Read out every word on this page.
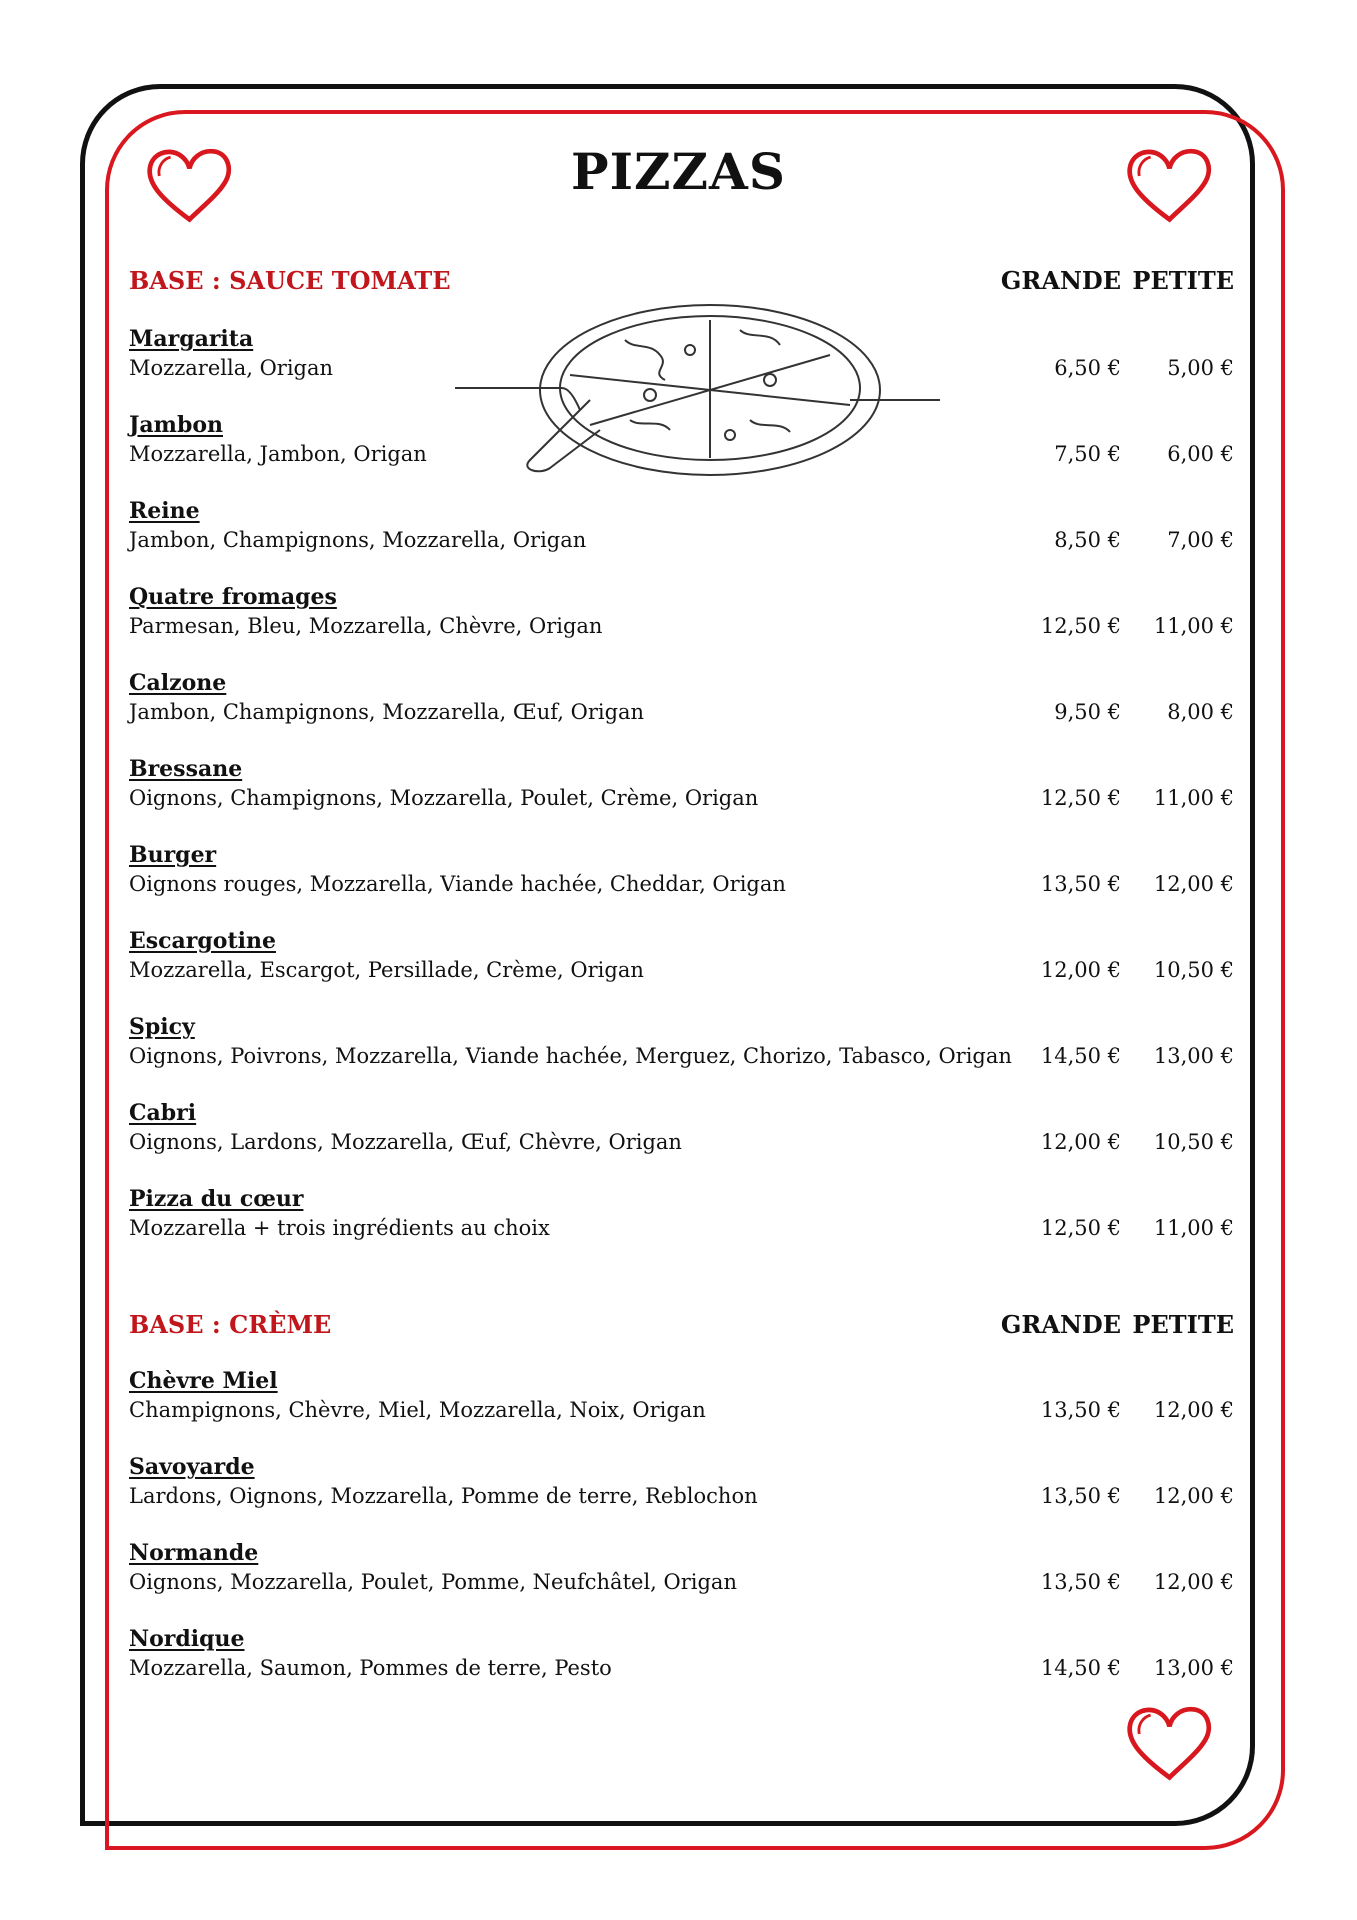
PIZZAS
BASE : SAUCE TOMATE	GRANDE PETITE
Margarita
Mozzarella, Origan	6,50 €	5,00 €
Jambon
Mozzarella, Jambon, Origan	7,50 €	6,00 €
Reine
Jambon, Champignons, Mozzarella, Origan	8,50 €	7,00 €
Quatre fromages
Parmesan, Bleu, Mozzarella, Chèvre, Origan	12,50 €	11,00 €
Calzone
Jambon, Champignons, Mozzarella, Œuf, Origan	9,50 €	8,00 €
Bressane
Oignons, Champignons, Mozzarella, Poulet, Crème, Origan	12,50 €	11,00 €
Burger
Oignons rouges, Mozzarella, Viande hachée, Cheddar, Origan	13,50 €	12,00 €
Escargotine
Mozzarella, Escargot, Persillade, Crème, Origan	12,00 €	10,50 €
Spicy
Oignons, Poivrons, Mozzarella, Viande hachée, Merguez, Chorizo, Tabasco, Origan	14,50 €	13,00 €
Cabri
Oignons, Lardons, Mozzarella, Œuf, Chèvre, Origan	12,00 €	10,50 €
Pizza du cœur
Mozzarella + trois ingrédients au choix	12,50 €	11,00 €
BASE : CRÈME	GRANDE PETITE
Chèvre Miel
Champignons, Chèvre, Miel, Mozzarella, Noix, Origan	13,50 €	12,00 €
Savoyarde
Lardons, Oignons, Mozzarella, Pomme de terre, Reblochon	13,50 €	12,00 €
Normande
Oignons, Mozzarella, Poulet, Pomme, Neufchâtel, Origan	13,50 €	12,00 €
Nordique
Mozzarella, Saumon, Pommes de terre, Pesto	14,50 €	13,00 €
